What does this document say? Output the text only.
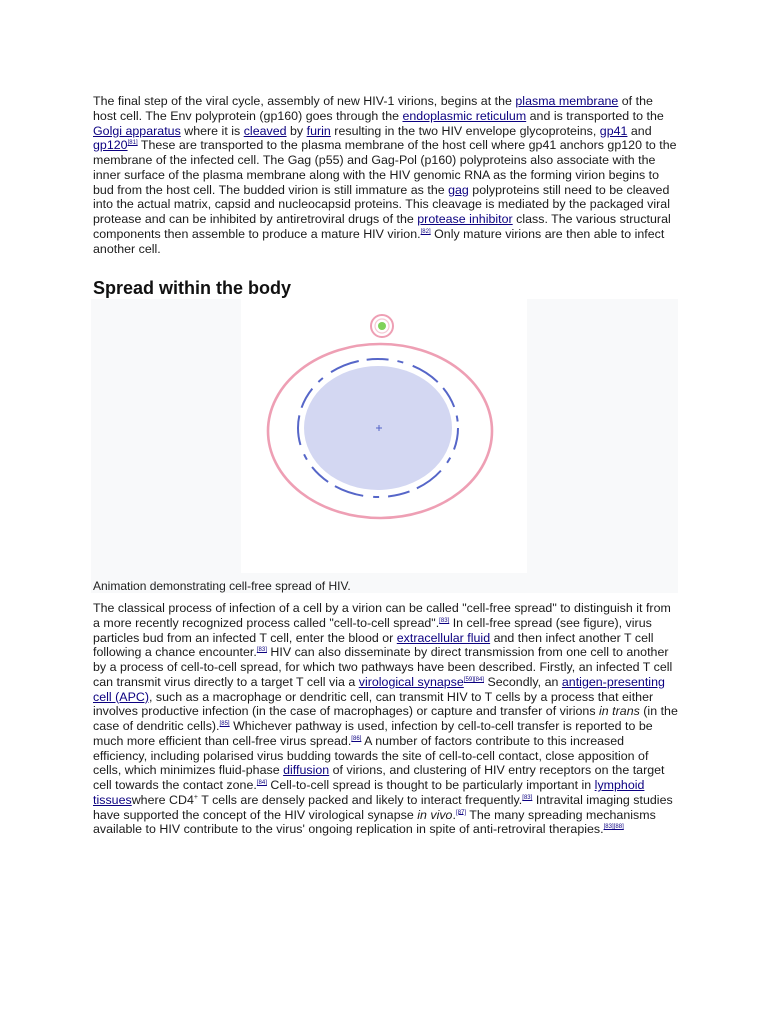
The final step of the viral cycle, assembly of new HIV-1 virions, begins at the plasma membrane of the host cell. The Env polyprotein (gp160) goes through the endoplasmic reticulum and is transported to the Golgi apparatus where it is cleaved by furin resulting in the two HIV envelope glycoproteins, gp41 and gp120[81] These are transported to the plasma membrane of the host cell where gp41 anchors gp120 to the membrane of the infected cell. The Gag (p55) and Gag-Pol (p160) polyproteins also associate with the inner surface of the plasma membrane along with the HIV genomic RNA as the forming virion begins to bud from the host cell. The budded virion is still immature as the gag polyproteins still need to be cleaved into the actual matrix, capsid and nucleocapsid proteins. This cleavage is mediated by the packaged viral protease and can be inhibited by antiretroviral drugs of the protease inhibitor class. The various structural components then assemble to produce a mature HIV virion.[82] Only mature virions are then able to infect another cell.

Spread within the body
Animation demonstrating cell-free spread of HIV.

The classical process of infection of a cell by a virion can be called "cell-free spread" to distinguish it from a more recently recognized process called "cell-to-cell spread".[83] In cell-free spread (see figure), virus particles bud from an infected T cell, enter the blood or extracellular fluid and then infect another T cell following a chance encounter.[83] HIV can also disseminate by direct transmission from one cell to another by a process of cell-to-cell spread, for which two pathways have been described. Firstly, an infected T cell can transmit virus directly to a target T cell via a virological synapse[59][84] Secondly, an antigen-presenting cell (APC), such as a macrophage or dendritic cell, can transmit HIV to T cells by a process that either involves productive infection (in the case of macrophages) or capture and transfer of virions in trans (in the case of dendritic cells).[85] Whichever pathway is used, infection by cell-to-cell transfer is reported to be much more efficient than cell-free virus spread.[86] A number of factors contribute to this increased efficiency, including polarised virus budding towards the site of cell-to-cell contact, close apposition of cells, which minimizes fluid-phase diffusion of virions, and clustering of HIV entry receptors on the target cell towards the contact zone.[84] Cell-to-cell spread is thought to be particularly important in lymphoid tissueswhere CD4+ T cells are densely packed and likely to interact frequently.[83] Intravital imaging studies have supported the concept of the HIV virological synapse in vivo.[87] The many spreading mechanisms available to HIV contribute to the virus' ongoing replication in spite of anti-retroviral therapies.[83][88]
